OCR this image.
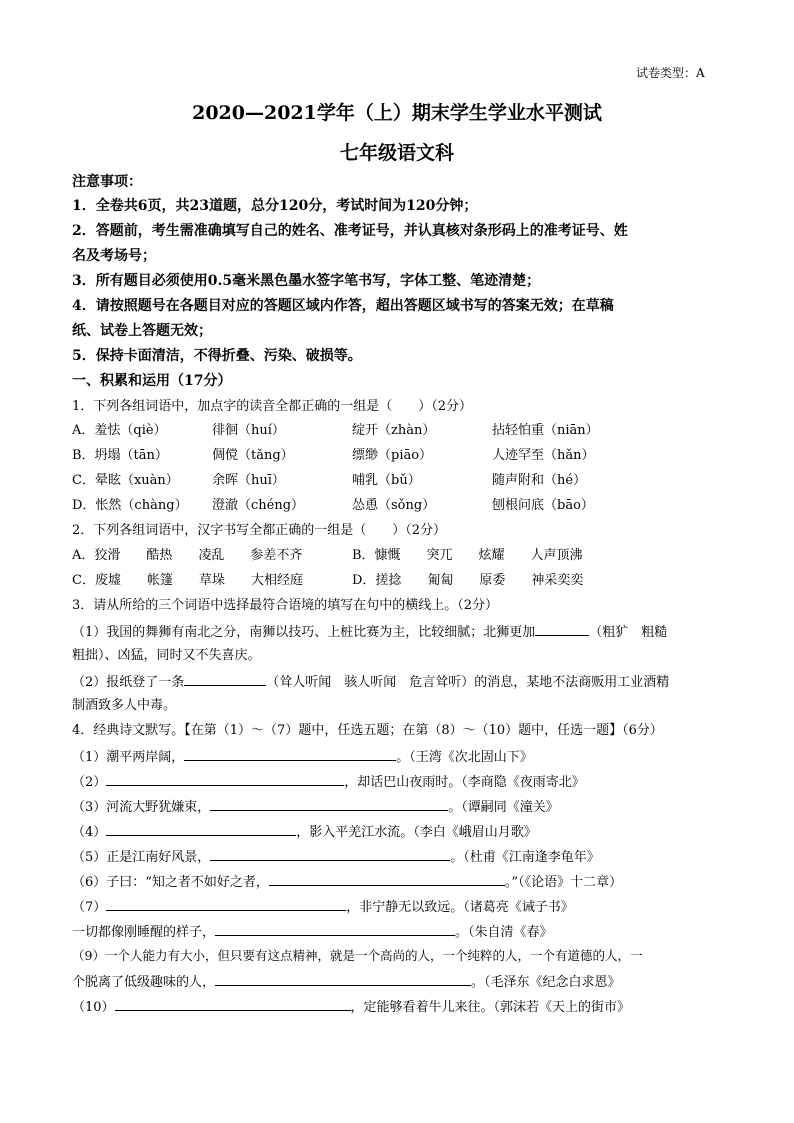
试卷类型：A
2020—2021学年（上）期末学生学业水平测试
七年级语文科
注意事项：
1．全卷共6页，共23道题，总分120分，考试时间为120分钟；
2．答题前，考生需准确填写自己的姓名、准考证号，并认真核对条形码上的准考证号、姓
名及考场号；
3．所有题目必须使用0.5毫米黑色墨水签字笔书写，字体工整、笔迹清楚；
4．请按照题号在各题目对应的答题区域内作答，超出答题区域书写的答案无效；在草稿
纸、试卷上答题无效；
5．保持卡面清洁，不得折叠、污染、破损等。
一、积累和运用（17分）
1．下列各组词语中，加点字的读音全都正确的一组是（　　）（2分）
A．羞怯（qiè）	徘徊（huí）	绽开（zhàn）	拈轻怕重（niān）
B．坍塌（tān）	倜傥（tǎng）	缥缈（piāo）	人迹罕至（hǎn）
C．晕眩（xuàn）	余晖（huī）	哺乳（bǔ）	随声附和（hé）
D．怅然（chàng） 澄澈（chéng）	怂恿（sǒng）	刨根问底（bāo）
2．下列各组词语中，汉字书写全都正确的一组是（　　）（2分）
A．狡滑　　酷热　　凌乱　　参差不齐	B．慷慨　　突兀　　炫耀　　人声顶沸
C．废墟　　帐篷　　草垛　　大相经庭	D．搓捻　　匍匐　　原委　　神采奕奕
3．请从所给的三个词语中选择最符合语境的填写在句中的横线上。（2分）
（1）我国的舞狮有南北之分，南狮以技巧、上桩比赛为主，比较细腻；北狮更加	（粗犷　粗糙
粗拙）、凶猛，同时又不失喜庆。
（2）报纸登了一条	（耸人听闻　骇人听闻　危言耸听）的消息，某地不法商贩用工业酒精
制酒致多人中毒。
4．经典诗文默写。【在第（1）～（7）题中，任选五题；在第（8）～（10）题中，任选一题】（6分）
（1）潮平两岸阔，	。（王湾《次北固山下》
（2）	，却话巴山夜雨时。（李商隐《夜雨寄北》
（3）河流大野犹嫌束，	。（谭嗣同《潼关》
（4）	，影入平羌江水流。（李白《峨眉山月歌》
（5）正是江南好风景，	。（杜甫《江南逢李龟年》
（6）子曰：“知之者不如好之者，	。”（《论语》十二章）
（7）	，非宁静无以致远。（诸葛亮《诫子书》
一切都像刚睡醒的样子，	。（朱自清《春》
（9）一个人能力有大小，但只要有这点精神，就是一个高尚的人，一个纯粹的人，一个有道德的人，一
个脱离了低级趣味的人，	。（毛泽东《纪念白求恩》
（10）	，定能够看着牛儿来往。（郭沫若《天上的街市》
